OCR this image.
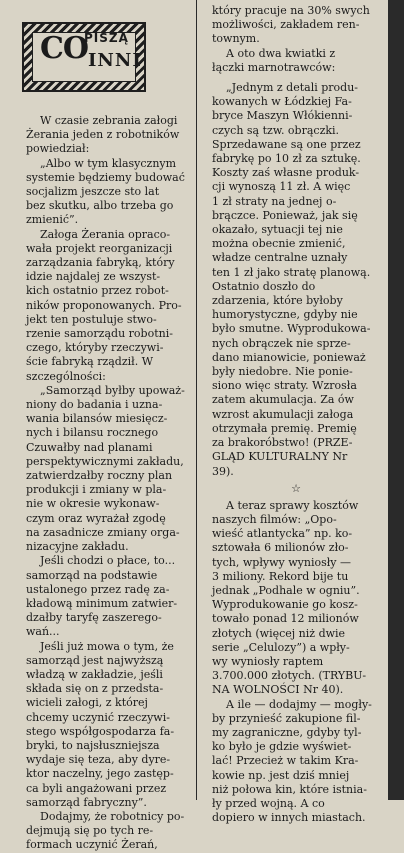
CO
PISZĄ
INNI
W czasie zebrania załogi
Żerania jeden z robotników
powiedział:
„Albo w tym klasycznym
systemie będziemy budować
socjalizm jeszcze sto lat
bez skutku, albo trzeba go
zmienić”.
Załoga Żerania opraco-
wała projekt reorganizacji
zarządzania fabryką, który
idzie najdalej ze wszyst-
kich ostatnio przez robot-
ników proponowanych. Pro-
jekt ten postuluje stwo-
rzenie samorządu robotni-
czego, któryby rzeczywi-
ście fabryką rządził. W
szczególności:
„Samorząd byłby upoważ-
niony do badania i uzna-
wania bilansów miesięcz-
nych i bilansu rocznego
Czuwałby nad planami
perspektywicznymi zakładu,
zatwierdzałby roczny plan
produkcji i zmiany w pla-
nie w okresie wykonaw-
czym oraz wyrażał zgodę
na zasadnicze zmiany orga-
nizacyjne zakładu.
Jeśli chodzi o płace, to...
samorząd na podstawie
ustalonego przez radę za-
kładową minimum zatwier-
dzałby taryfę zaszerego-
wań...
Jeśli już mowa o tym, że
samorząd jest najwyższą
władzą w zakładzie, jeśli
składa się on z przedsta-
wicieli załogi, z której
chcemy uczynić rzeczywi-
stego współgospodarza fa-
bryki, to najsłuszniejsza
wydaje się teza, aby dyre-
ktor naczelny, jego zastęp-
ca byli angażowani przez
samorząd fabryczny”.
Dodajmy, że robotnicy po-
dejmują się po tych re-
formach uczynić Żerań,
który pracuje na 30% swych
możliwości, zakładem ren-
townym.
A oto dwa kwiatki z
łączki marnotrawców:
„Jednym z detali produ-
kowanych w Łódzkiej Fa-
bryce Maszyn Włókienni-
czych są tzw. obrączki.
Sprzedawane są one przez
fabrykę po 10 zł za sztukę.
Koszty zaś własne produk-
cji wynoszą 11 zł. A więc
1 zł straty na jednej o-
brączce. Ponieważ, jak się
okazało, sytuacji tej nie
można obecnie zmienić,
władze centralne uznały
ten 1 zł jako stratę planową.
Ostatnio doszło do
zdarzenia, które byłoby
humorystyczne, gdyby nie
było smutne. Wyprodukowa-
nych obrączek nie sprze-
dano mianowicie, ponieważ
były niedobre. Nie ponie-
siono więc straty. Wzrosła
zatem akumulacja. Za ów
wzrost akumulacji załoga
otrzymała premię. Premię
za brakoróbstwo! (PRZE-
GLĄD KULTURALNY Nr
39).
☆
A teraz sprawy kosztów
naszych filmów: „Opo-
wieść atlantycka” np. ko-
sztowała 6 milionów zło-
tych, wpływy wyniosły —
3 miliony. Rekord bije tu
jednak „Podhale w ogniu”.
Wyprodukowanie go kosz-
towało ponad 12 milionów
złotych (więcej niż dwie
serie „Celulozy”) a wpły-
wy wyniosły raptem
3.700.000 złotych. (TRYBU-
NA WOLNOŚCI Nr 40).
A ile — dodajmy — mogły-
by przynieść zakupione fil-
my zagraniczne, gdyby tyl-
ko było je gdzie wyświet-
lać! Przecież w takim Kra-
kowie np. jest dziś mniej
niż połowa kin, które istnia-
ły przed wojną. A co
dopiero w innych miastach.
